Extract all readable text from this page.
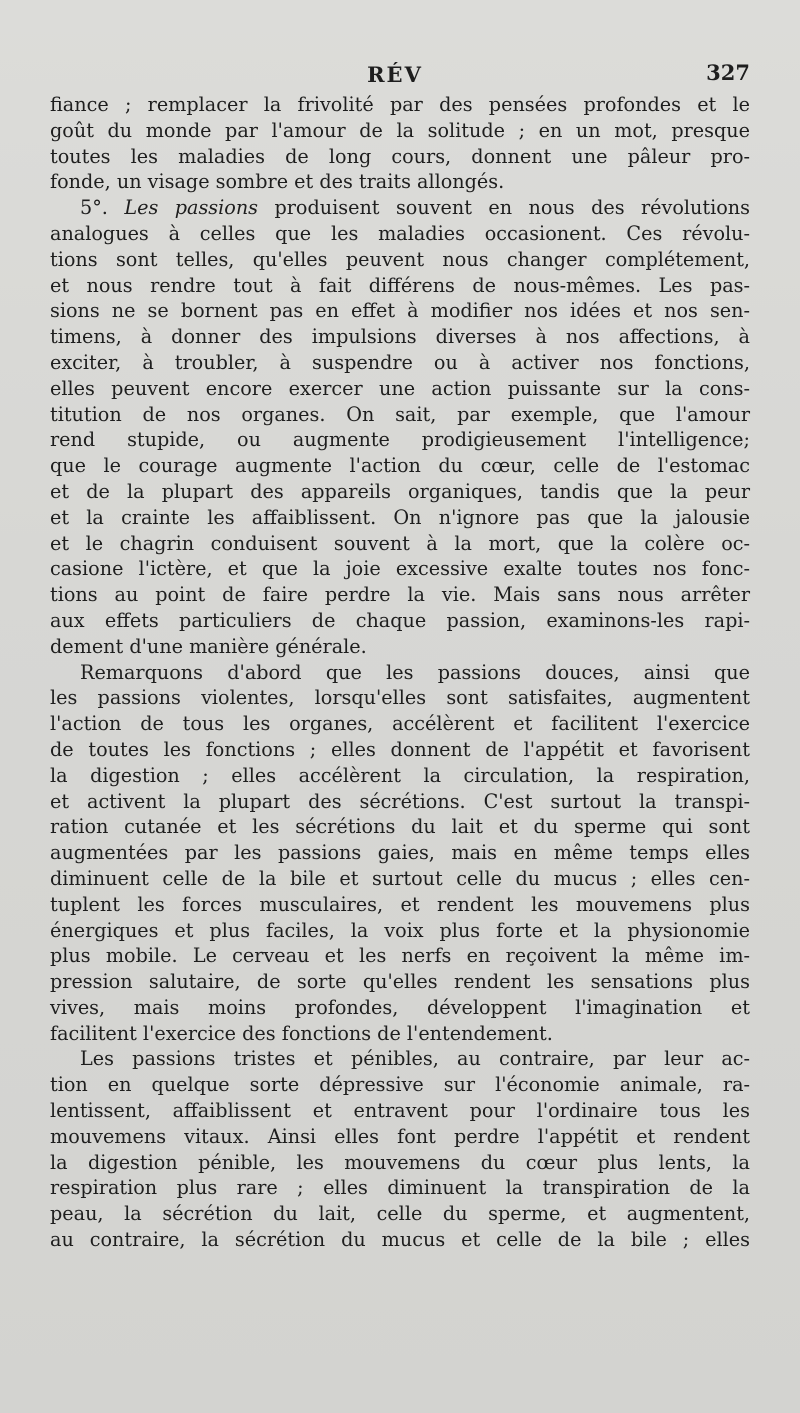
RÉV	327
fiance ; remplacer la frivolité par des pensées profondes et le
goût du monde par l'amour de la solitude ; en un mot, presque
toutes les maladies de long cours, donnent une pâleur pro-
fonde, un visage sombre et des traits allongés.
5°. Les passions produisent souvent en nous des révolutions
analogues à celles que les maladies occasionent. Ces révolu-
tions sont telles, qu'elles peuvent nous changer complétement,
et nous rendre tout à fait différens de nous-mêmes. Les pas-
sions ne se bornent pas en effet à modifier nos idées et nos sen-
timens, à donner des impulsions diverses à nos affections, à
exciter, à troubler, à suspendre ou à activer nos fonctions,
elles peuvent encore exercer une action puissante sur la cons-
titution de nos organes. On sait, par exemple, que l'amour
rend stupide, ou augmente prodigieusement l'intelligence;
que le courage augmente l'action du cœur, celle de l'estomac
et de la plupart des appareils organiques, tandis que la peur
et la crainte les affaiblissent. On n'ignore pas que la jalousie
et le chagrin conduisent souvent à la mort, que la colère oc-
casione l'ictère, et que la joie excessive exalte toutes nos fonc-
tions au point de faire perdre la vie. Mais sans nous arrêter
aux effets particuliers de chaque passion, examinons-les rapi-
dement d'une manière générale.
Remarquons d'abord que les passions douces, ainsi que
les passions violentes, lorsqu'elles sont satisfaites, augmentent
l'action de tous les organes, accélèrent et facilitent l'exercice
de toutes les fonctions ; elles donnent de l'appétit et favorisent
la digestion ; elles accélèrent la circulation, la respiration,
et activent la plupart des sécrétions. C'est surtout la transpi-
ration cutanée et les sécrétions du lait et du sperme qui sont
augmentées par les passions gaies, mais en même temps elles
diminuent celle de la bile et surtout celle du mucus ; elles cen-
tuplent les forces musculaires, et rendent les mouvemens plus
énergiques et plus faciles, la voix plus forte et la physionomie
plus mobile. Le cerveau et les nerfs en reçoivent la même im-
pression salutaire, de sorte qu'elles rendent les sensations plus
vives, mais moins profondes, développent l'imagination et
facilitent l'exercice des fonctions de l'entendement.
Les passions tristes et pénibles, au contraire, par leur ac-
tion en quelque sorte dépressive sur l'économie animale, ra-
lentissent, affaiblissent et entravent pour l'ordinaire tous les
mouvemens vitaux. Ainsi elles font perdre l'appétit et rendent
la digestion pénible, les mouvemens du cœur plus lents, la
respiration plus rare ; elles diminuent la transpiration de la
peau, la sécrétion du lait, celle du sperme, et augmentent,
au contraire, la sécrétion du mucus et celle de la bile ; elles
